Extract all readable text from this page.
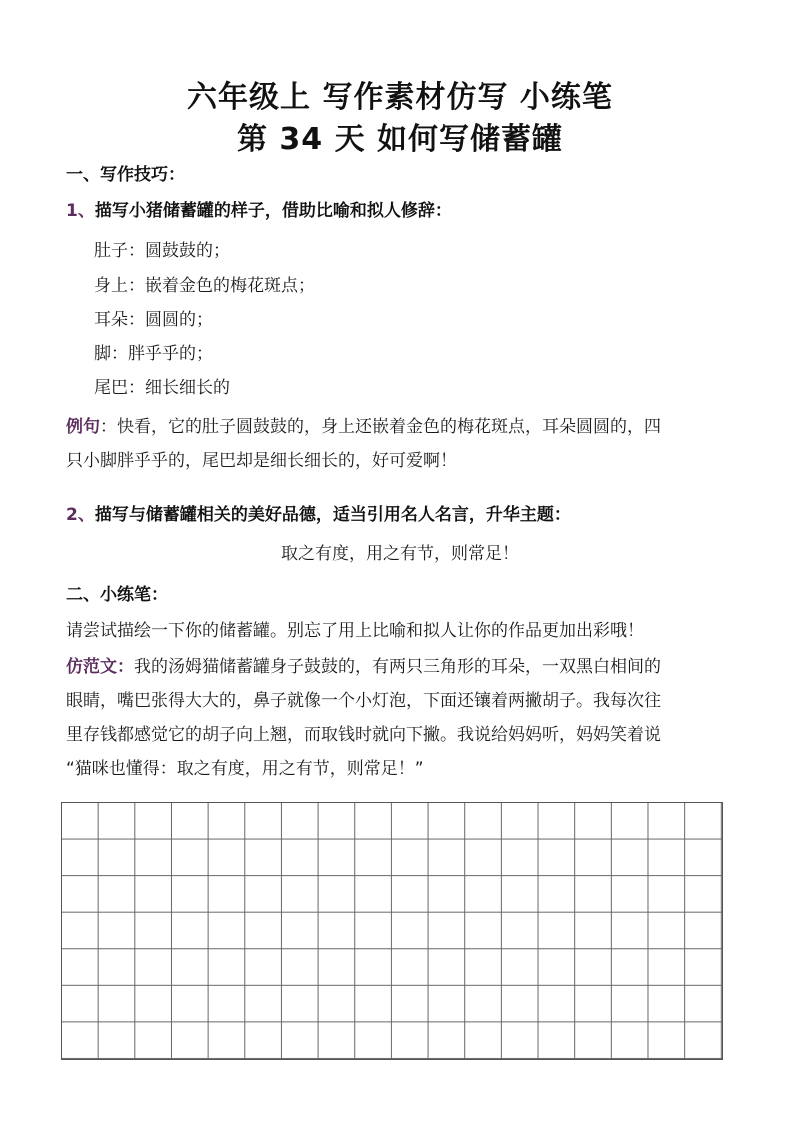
六年级上 写作素材仿写 小练笔
第 34 天 如何写储蓄罐
一、写作技巧：
1、描写小猪储蓄罐的样子，借助比喻和拟人修辞：
肚子：圆鼓鼓的；
身上：嵌着金色的梅花斑点；
耳朵：圆圆的；
脚：胖乎乎的；
尾巴：细长细长的
例句：快看，它的肚子圆鼓鼓的，身上还嵌着金色的梅花斑点，耳朵圆圆的，四
只小脚胖乎乎的，尾巴却是细长细长的，好可爱啊！
2、描写与储蓄罐相关的美好品德，适当引用名人名言，升华主题：
取之有度，用之有节，则常足！
二、小练笔：
请尝试描绘一下你的储蓄罐。别忘了用上比喻和拟人让你的作品更加出彩哦！
仿范文：我的汤姆猫储蓄罐身子鼓鼓的，有两只三角形的耳朵，一双黑白相间的
眼睛，嘴巴张得大大的，鼻子就像一个小灯泡，下面还镶着两撇胡子。我每次往
里存钱都感觉它的胡子向上翘，而取钱时就向下撇。我说给妈妈听，妈妈笑着说
“猫咪也懂得：取之有度，用之有节，则常足！”
